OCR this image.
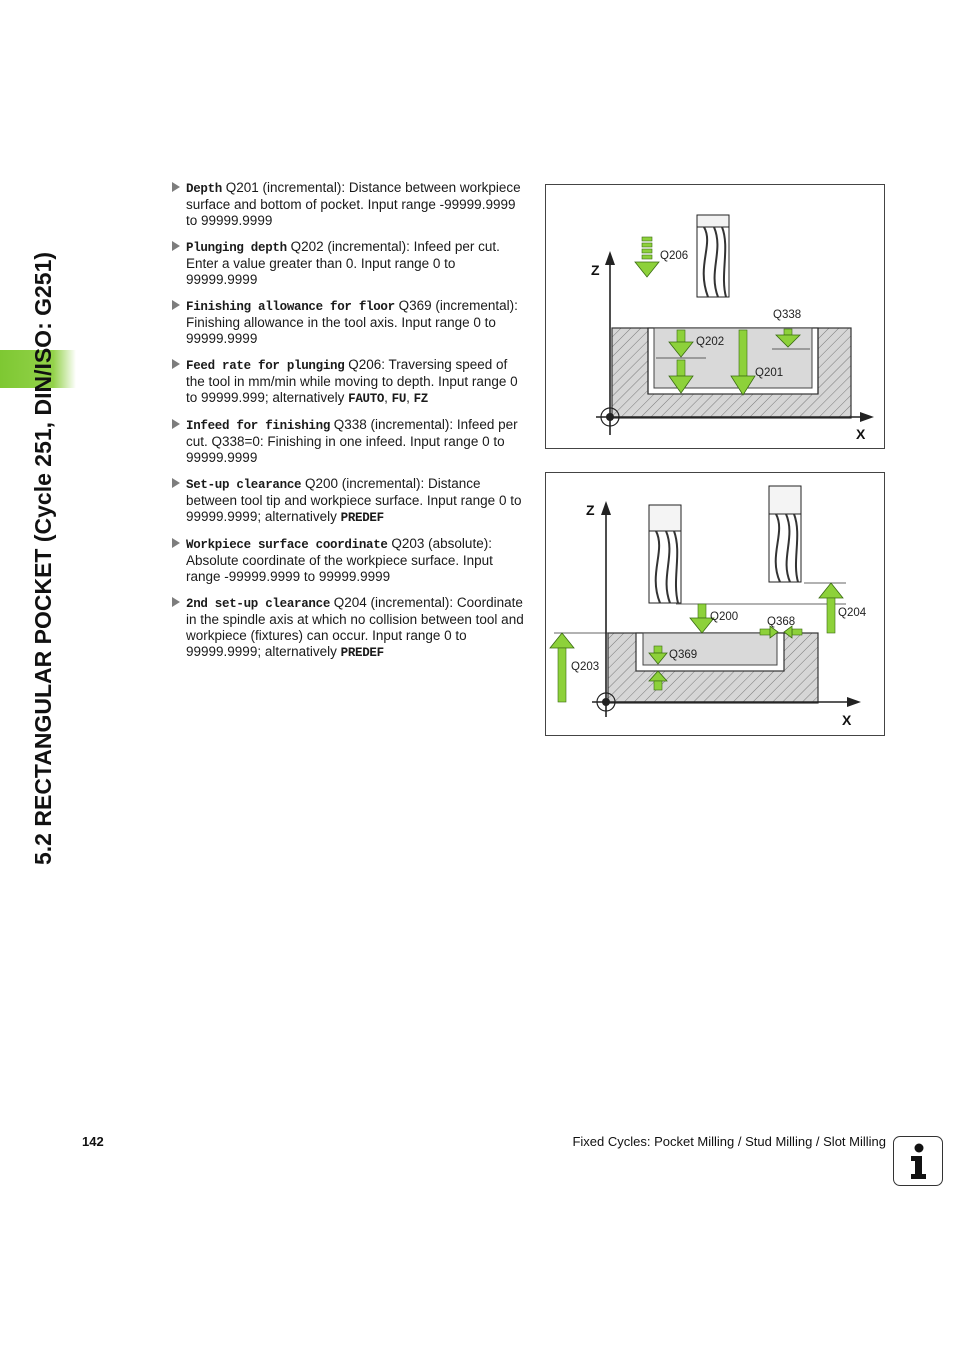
5.2 RECTANGULAR POCKET (Cycle 251, DIN/ISO: G251)
Depth Q201 (incremental): Distance between workpiece surface and bottom of pocket. Input range -99999.9999 to 99999.9999
Plunging depth Q202 (incremental): Infeed per cut. Enter a value greater than 0. Input range 0 to 99999.9999
Finishing allowance for floor Q369 (incremental): Finishing allowance in the tool axis. Input range 0 to 99999.9999
Feed rate for plunging Q206: Traversing speed of the tool in mm/min while moving to depth. Input range 0 to 99999.999; alternatively FAUTO, FU, FZ
Infeed for finishing Q338 (incremental): Infeed per cut. Q338=0: Finishing in one infeed. Input range 0 to 99999.9999
Set-up clearance Q200 (incremental): Distance between tool tip and workpiece surface. Input range 0 to 99999.9999; alternatively PREDEF
Workpiece surface coordinate Q203 (absolute): Absolute coordinate of the workpiece surface. Input range -99999.9999 to 99999.9999
2nd set-up clearance Q204 (incremental): Coordinate in the spindle axis at which no collision between tool and workpiece (fixtures) can occur. Input range 0 to 99999.9999; alternatively PREDEF
Z
X
Q206
Q202
Q201
Q338
Z
X
Q200	Q368
Q204
Q203
Q369
142	Fixed Cycles: Pocket Milling / Stud Milling / Slot Milling
